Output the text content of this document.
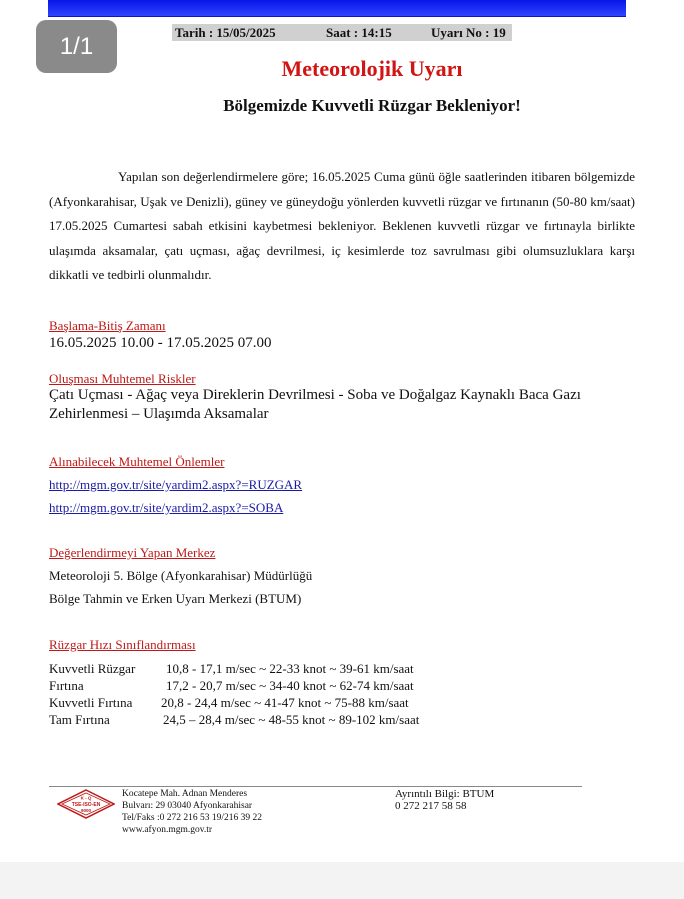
1/1
Tarih : 15/05/2025	Saat : 14:15	Uyarı No : 19
Meteorolojik Uyarı
Bölgemizde Kuvvetli Rüzgar Bekleniyor!
Yapılan son değerlendirmelere göre; 16.05.2025 Cuma günü öğle saatlerinden itibaren bölgemizde (Afyonkarahisar, Uşak ve Denizli), güney ve güneydoğu yönlerden kuvvetli rüzgar ve fırtınanın (50-80 km/saat) 17.05.2025 Cumartesi sabah etkisini kaybetmesi bekleniyor. Beklenen kuvvetli rüzgar ve fırtınayla birlikte ulaşımda aksamalar, çatı uçması, ağaç devrilmesi, iç kesimlerde toz savrulması gibi olumsuzluklara karşı dikkatli ve tedbirli olunmalıdır.
Başlama-Bitiş Zamanı
16.05.2025 10.00 - 17.05.2025 07.00
Oluşması Muhtemel Riskler
Çatı Uçması - Ağaç veya Direklerin Devrilmesi - Soba ve Doğalgaz Kaynaklı Baca Gazı
Zehirlenmesi – Ulaşımda Aksamalar
Alınabilecek Muhtemel Önlemler
http://mgm.gov.tr/site/yardim2.aspx?=RUZGAR
http://mgm.gov.tr/site/yardim2.aspx?=SOBA
Değerlendirmeyi Yapan Merkez
Meteoroloji 5. Bölge (Afyonkarahisar) Müdürlüğü
Bölge Tahmin ve Erken Uyarı Merkezi (BTUM)
Rüzgar Hızı Sınıflandırması
Kuvvetli Rüzgar 10,8 - 17,1 m/sec ~ 22-33 knot ~ 39-61 km/saat
Fırtına	17,2 - 20,7 m/sec ~ 34-40 knot ~ 62-74 km/saat
Kuvvetli Fırtına 20,8 - 24,4 m/sec ~ 41-47 knot ~ 75-88 km/saat
Tam Fırtına	24,5 – 28,4 m/sec ~ 48-55 knot ~ 89-102 km/saat
K - Q
TSE-ISO-EN
9000
Kocatepe Mah. Adnan Menderes
Bulvarı: 29 03040 Afyonkarahisar
Tel/Faks :0 272 216 53 19/216 39 22
www.afyon.mgm.gov.tr
Ayrıntılı Bilgi: BTUM
0 272 217 58 58
